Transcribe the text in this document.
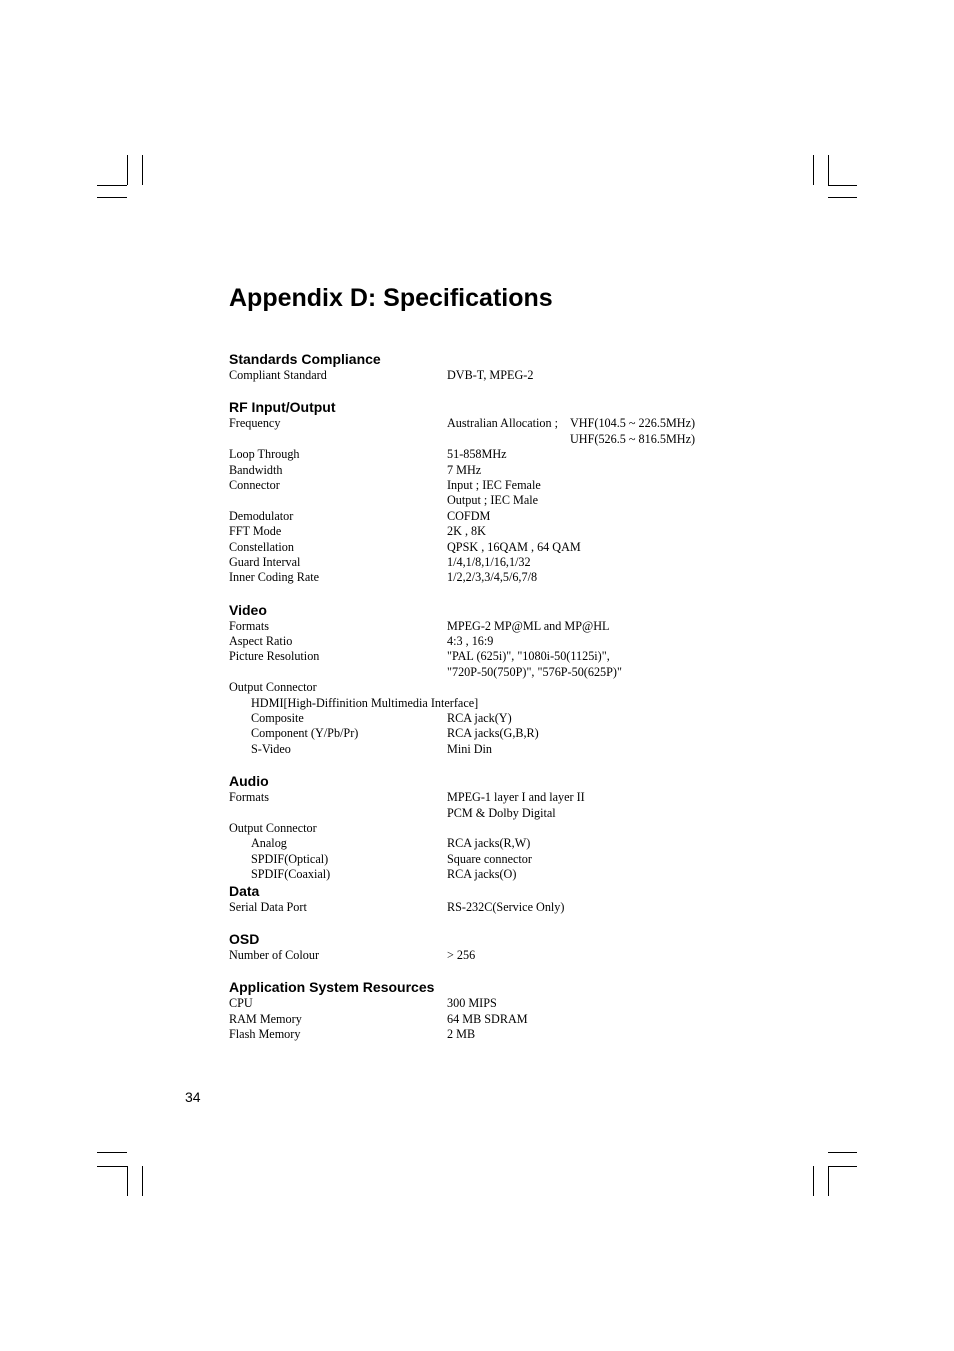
Appendix D: Specifications
Standards Compliance
Compliant Standard	DVB-T, MPEG-2
RF Input/Output
Frequency	Australian Allocation ; VHF(104.5 ~ 226.5MHz)
UHF(526.5 ~ 816.5MHz)
Loop Through	51-858MHz
Bandwidth	7 MHz
Connector	Input ; IEC Female
Output ; IEC Male
Demodulator	COFDM
FFT Mode	2K , 8K
Constellation	QPSK , 16QAM , 64 QAM
Guard Interval	1/4,1/8,1/16,1/32
Inner Coding Rate	1/2,2/3,3/4,5/6,7/8
Video
Formats	MPEG-2 MP@ML and MP@HL
Aspect Ratio	4:3 , 16:9
Picture Resolution	"PAL (625i)", "1080i-50(1125i)",
"720P-50(750P)", "576P-50(625P)"
Output Connector
HDMI[High-Diffinition Multimedia Interface]
Composite	RCA jack(Y)
Component (Y/Pb/Pr)	RCA jacks(G,B,R)
S-Video	Mini Din
Audio
Formats	MPEG-1 layer I and layer II
PCM & Dolby Digital
Output Connector
Analog	RCA jacks(R,W)
SPDIF(Optical)	Square connector
SPDIF(Coaxial)	RCA jacks(O)
Data
Serial Data Port	RS-232C(Service Only)
OSD
Number of Colour	> 256
Application System Resources
CPU	300 MIPS
RAM Memory	64 MB SDRAM
Flash Memory	2 MB

34
